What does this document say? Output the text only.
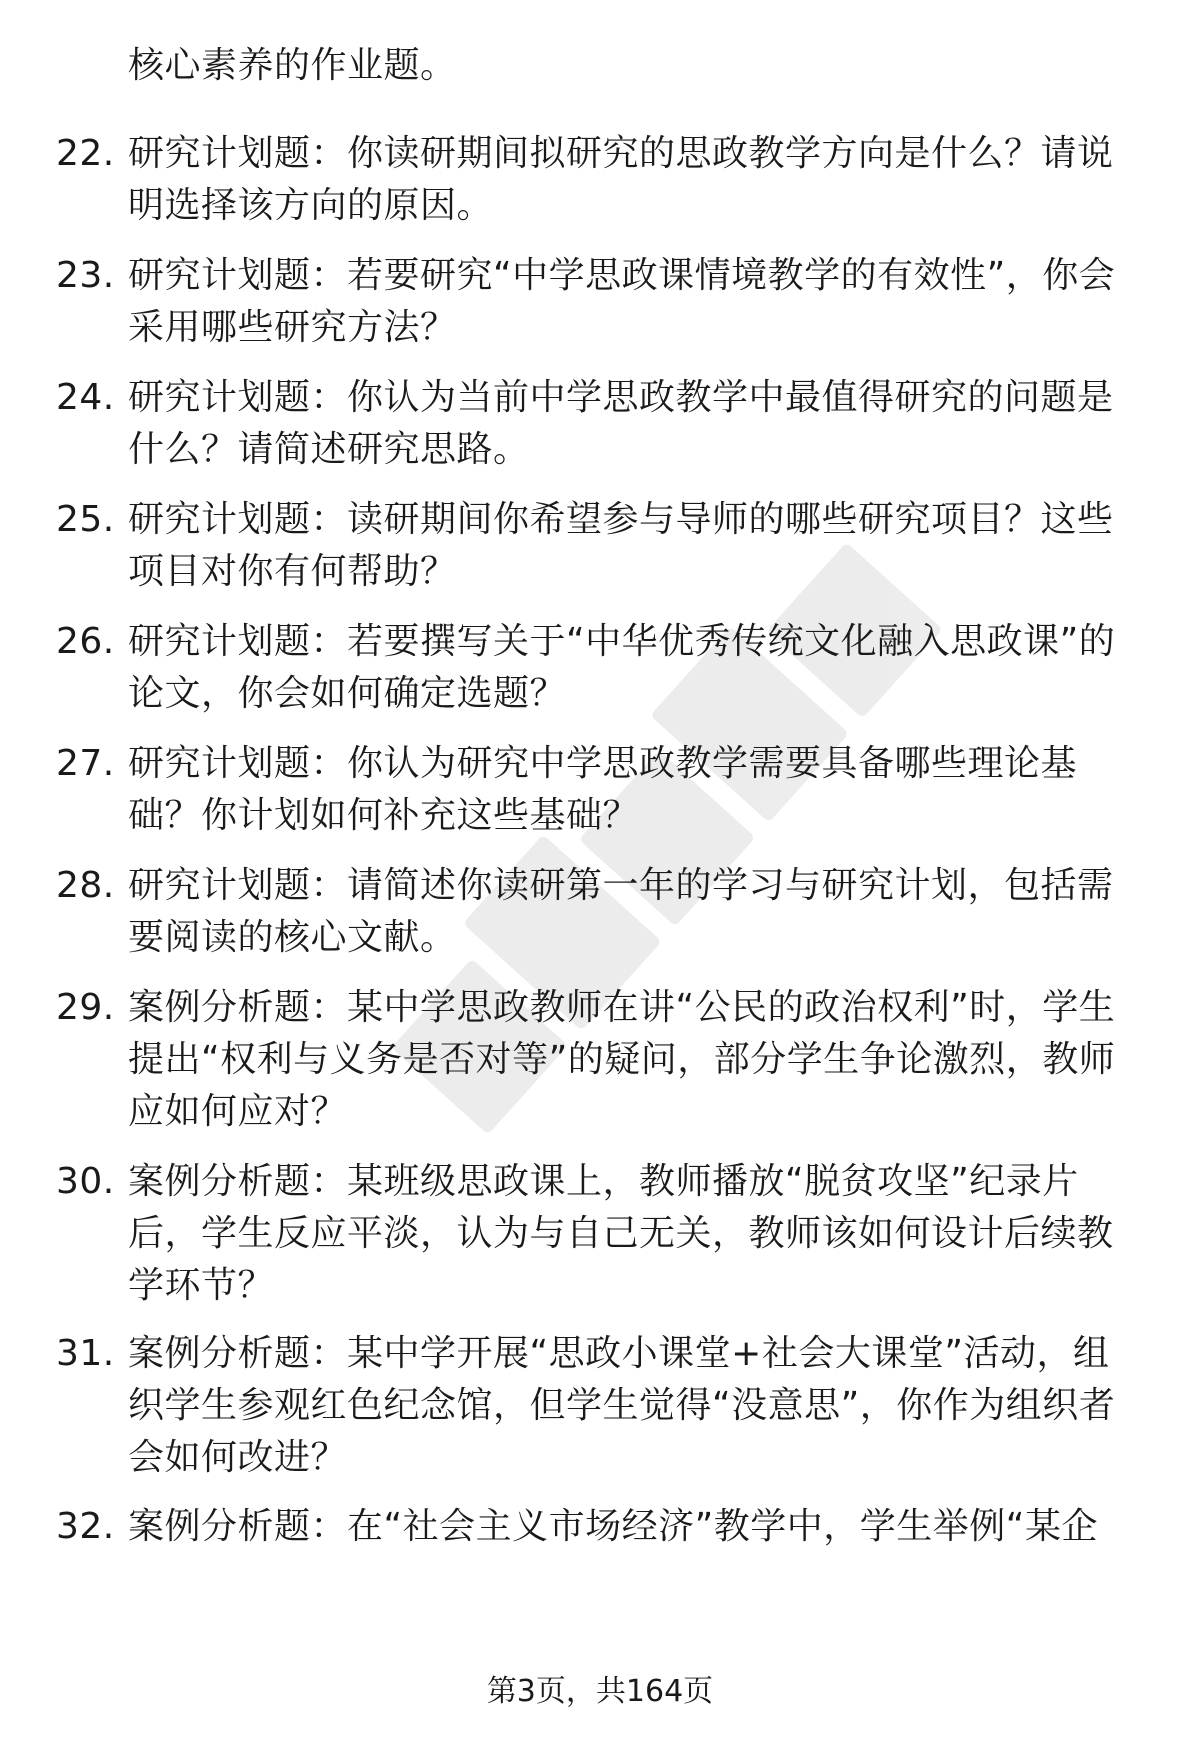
核心素养的作业题。
22. 研究计划题：你读研期间拟研究的思政教学方向是什么？请说明选择该方向的原因。
23. 研究计划题：若要研究“中学思政课情境教学的有效性”，你会采用哪些研究方法？
24. 研究计划题：你认为当前中学思政教学中最值得研究的问题是什么？请简述研究思路。
25. 研究计划题：读研期间你希望参与导师的哪些研究项目？这些项目对你有何帮助？
26. 研究计划题：若要撰写关于“中华优秀传统文化融入思政课”的论文，你会如何确定选题？
27. 研究计划题：你认为研究中学思政教学需要具备哪些理论基础？你计划如何补充这些基础？
28. 研究计划题：请简述你读研第一年的学习与研究计划，包括需要阅读的核心文献。
29. 案例分析题：某中学思政教师在讲“公民的政治权利”时，学生提出“权利与义务是否对等”的疑问，部分学生争论激烈，教师应如何应对？
30. 案例分析题：某班级思政课上，教师播放“脱贫攻坚”纪录片后，学生反应平淡，认为与自己无关，教师该如何设计后续教学环节？
31. 案例分析题：某中学开展“思政小课堂+社会大课堂”活动，组织学生参观红色纪念馆，但学生觉得“没意思”，你作为组织者会如何改进？
32. 案例分析题：在“社会主义市场经济”教学中，学生举例“某企
第3页，共164页
